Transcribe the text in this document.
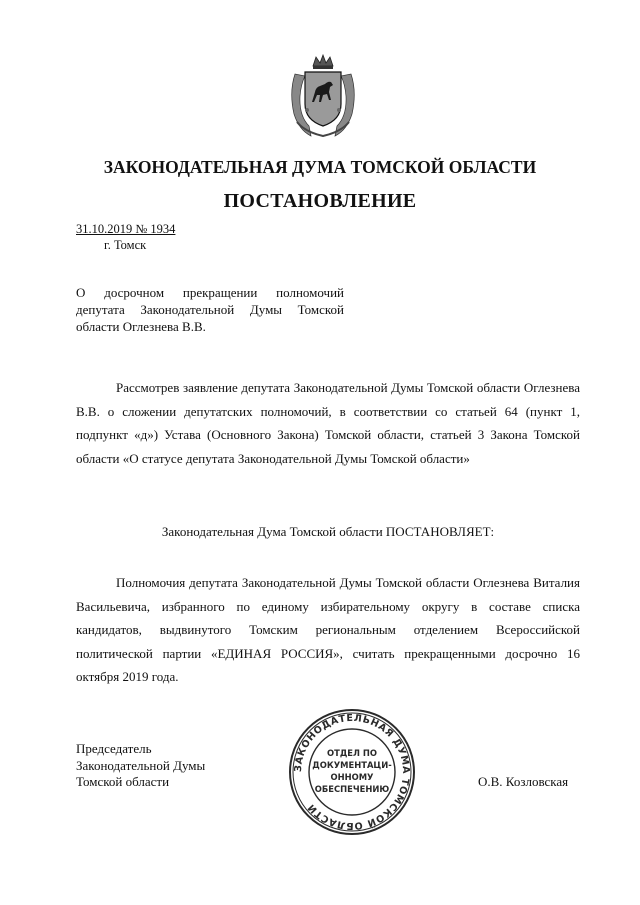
ЗАКОНОДАТЕЛЬНАЯ ДУМА ТОМСКОЙ ОБЛАСТИ
ПОСТАНОВЛЕНИЕ
31.10.2019 № 1934
г. Томск
О досрочном прекращении полномочий депутата Законодательной Думы Томской области Оглезнева В.В.

Рассмотрев заявление депутата Законодательной Думы Томской области Оглезнева В.В. о сложении депутатских полномочий, в соответствии со статьей 64 (пункт 1, подпункт «д») Устава (Основного Закона) Томской области, статьей 3 Закона Томской области «О статусе депутата Законодательной Думы Томской области»

Законодательная Дума Томской области ПОСТАНОВЛЯЕТ:

Полномочия депутата Законодательной Думы Томской области Оглезнева Виталия Васильевича, избранного по единому избирательному округу в составе списка кандидатов, выдвинутого Томским региональным отделением Всероссийской политической партии «ЕДИНАЯ РОССИЯ», считать прекращенными досрочно 16 октября 2019 года.

Председатель
Законодательной Думы
Томской области	О.В. Козловская
ЗАКОНОДАТЕЛЬНАЯ ДУМА ТОМСКОЙ ОБЛАСТИ
ОТДЕЛ ПО
ДОКУМЕНТАЦИ-
ОННОМУ
ОБЕСПЕЧЕНИЮ
